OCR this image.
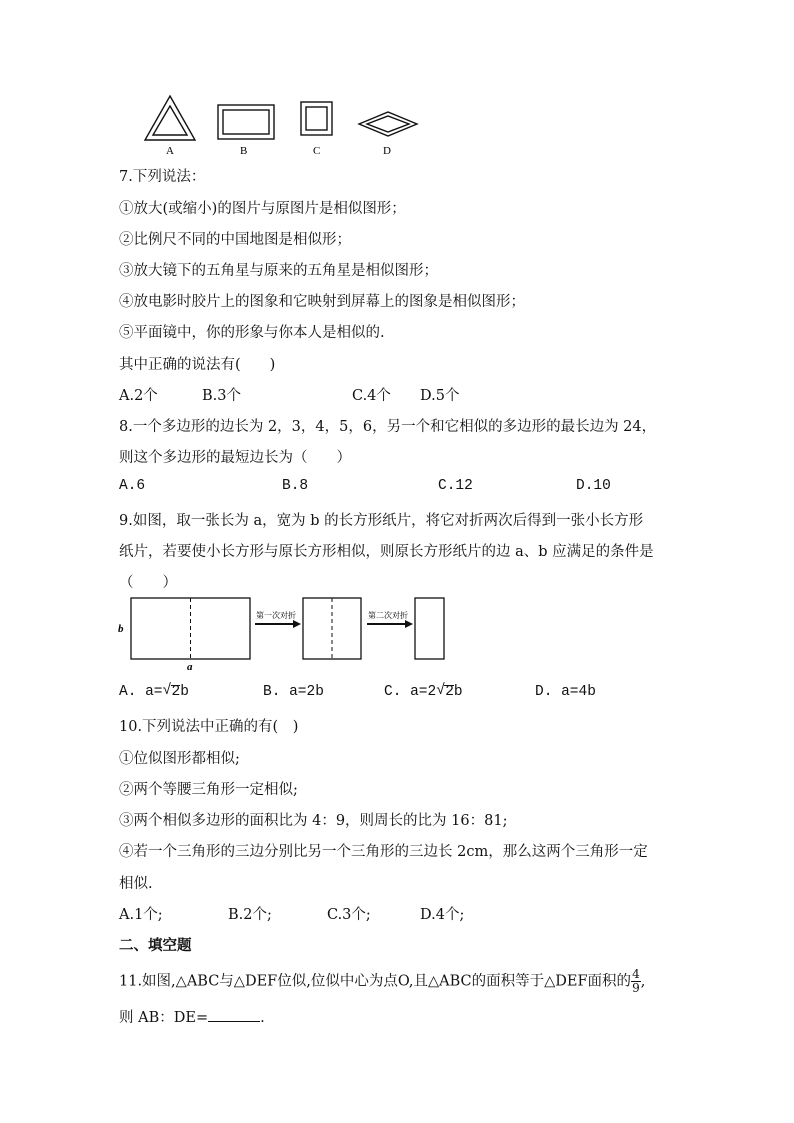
A	B	C	D
7.下列说法：
①放大(或缩小)的图片与原图片是相似图形；
②比例尺不同的中国地图是相似形；
③放大镜下的五角星与原来的五角星是相似图形；
④放电影时胶片上的图象和它映射到屏幕上的图象是相似图形；
⑤平面镜中，你的形象与你本人是相似的.
其中正确的说法有(　　)
A.2个	B.3个	C.4个 D.5个
8.一个多边形的边长为 2，3，4，5，6，另一个和它相似的多边形的最长边为 24，
则这个多边形的最短边长为（　　）
A.6	B.8	C.12	D.10
9.如图，取一张长为 a，宽为 b 的长方形纸片，将它对折两次后得到一张小长方形
纸片，若要使小长方形与原长方形相似，则原长方形纸片的边 a、b 应满足的条件是
（　　）
b
a
第一次对折	第二次对折
A. a= √ 2b	B. a=2b	C. a=2 √ 2b	D. a=4b
10.下列说法中正确的有(　)
①位似图形都相似;
②两个等腰三角形一定相似;
③两个相似多边形的面积比为 4：9，则周长的比为 16：81;
④若一个三角形的三边分别比另一个三角形的三边长 2cm，那么这两个三角形一定
相似.
A.1个;	B.2个;	C.3个;	D.4个;
二、填空题
11.如图,△ABC与△DEF位似,位似中心为点O,且△ABC的面积等于△DEF面积的 $\frac{4}{9}$ ,
则 AB：DE=	.
